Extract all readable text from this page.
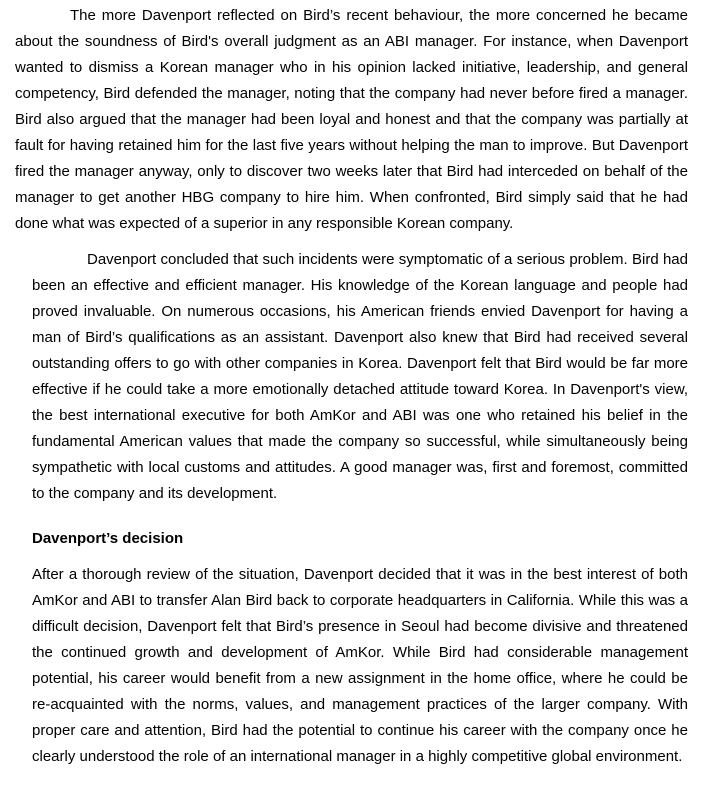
The more Davenport reflected on Bird’s recent behaviour, the more concerned he became about the soundness of Bird's overall judgment as an ABI manager. For instance, when Davenport wanted to dismiss a Korean manager who in his opinion lacked initiative, leadership, and general competency, Bird defended the manager, noting that the company had never before fired a manager. Bird also argued that the manager had been loyal and honest and that the company was partially at fault for having retained him for the last five years without helping the man to improve. But Davenport fired the manager anyway, only to discover two weeks later that Bird had interceded on behalf of the manager to get another HBG company to hire him. When confronted, Bird simply said that he had done what was expected of a superior in any responsible Korean company.

Davenport concluded that such incidents were symptomatic of a serious problem. Bird had been an effective and efficient manager. His knowledge of the Korean language and people had proved invaluable. On numerous occasions, his American friends envied Davenport for having a man of Bird’s qualifications as an assistant. Davenport also knew that Bird had received several outstanding offers to go with other companies in Korea. Davenport felt that Bird would be far more effective if he could take a more emotionally detached attitude toward Korea. In Davenport's view, the best international executive for both AmKor and ABI was one who retained his belief in the fundamental American values that made the company so successful, while simultaneously being sympathetic with local customs and attitudes. A good manager was, first and foremost, committed to the company and its development.

Davenport’s decision

After a thorough review of the situation, Davenport decided that it was in the best interest of both AmKor and ABI to transfer Alan Bird back to corporate headquarters in California. While this was a difficult decision, Davenport felt that Bird’s presence in Seoul had become divisive and threatened the continued growth and development of AmKor. While Bird had considerable management potential, his career would benefit from a new assignment in the home office, where he could be re-acquainted with the norms, values, and management practices of the larger company. With proper care and attention, Bird had the potential to continue his career with the company once he clearly understood the role of an international manager in a highly competitive global environment.
